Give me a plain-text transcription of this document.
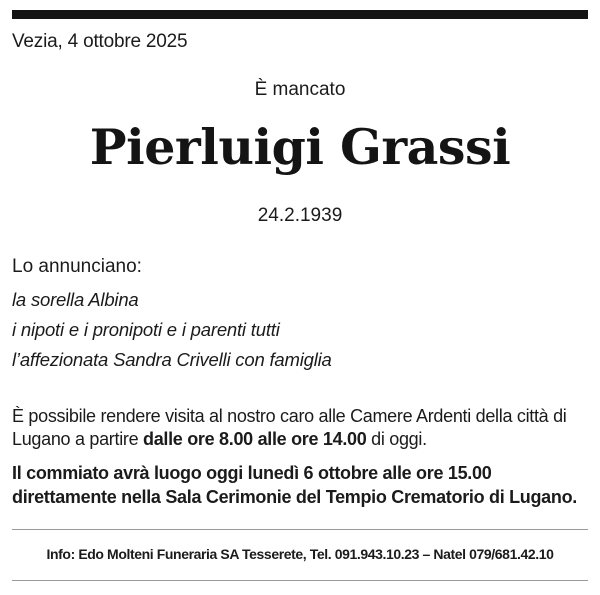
Vezia, 4 ottobre 2025
È mancato
Pierluigi Grassi
24.2.1939
Lo annunciano:
la sorella Albina
i nipoti e i pronipoti e i parenti tutti
l’affezionata Sandra Crivelli con famiglia

È possibile rendere visita al nostro caro alle Camere Ardenti della città di Lugano a partire dalle ore 8.00 alle ore 14.00 di oggi.

Il commiato avrà luogo oggi lunedì 6 ottobre alle ore 15.00 direttamente nella Sala Cerimonie del Tempio Crematorio di Lugano.

Info: Edo Molteni Funeraria SA Tesserete, Tel. 091.943.10.23 – Natel 079/681.42.10
